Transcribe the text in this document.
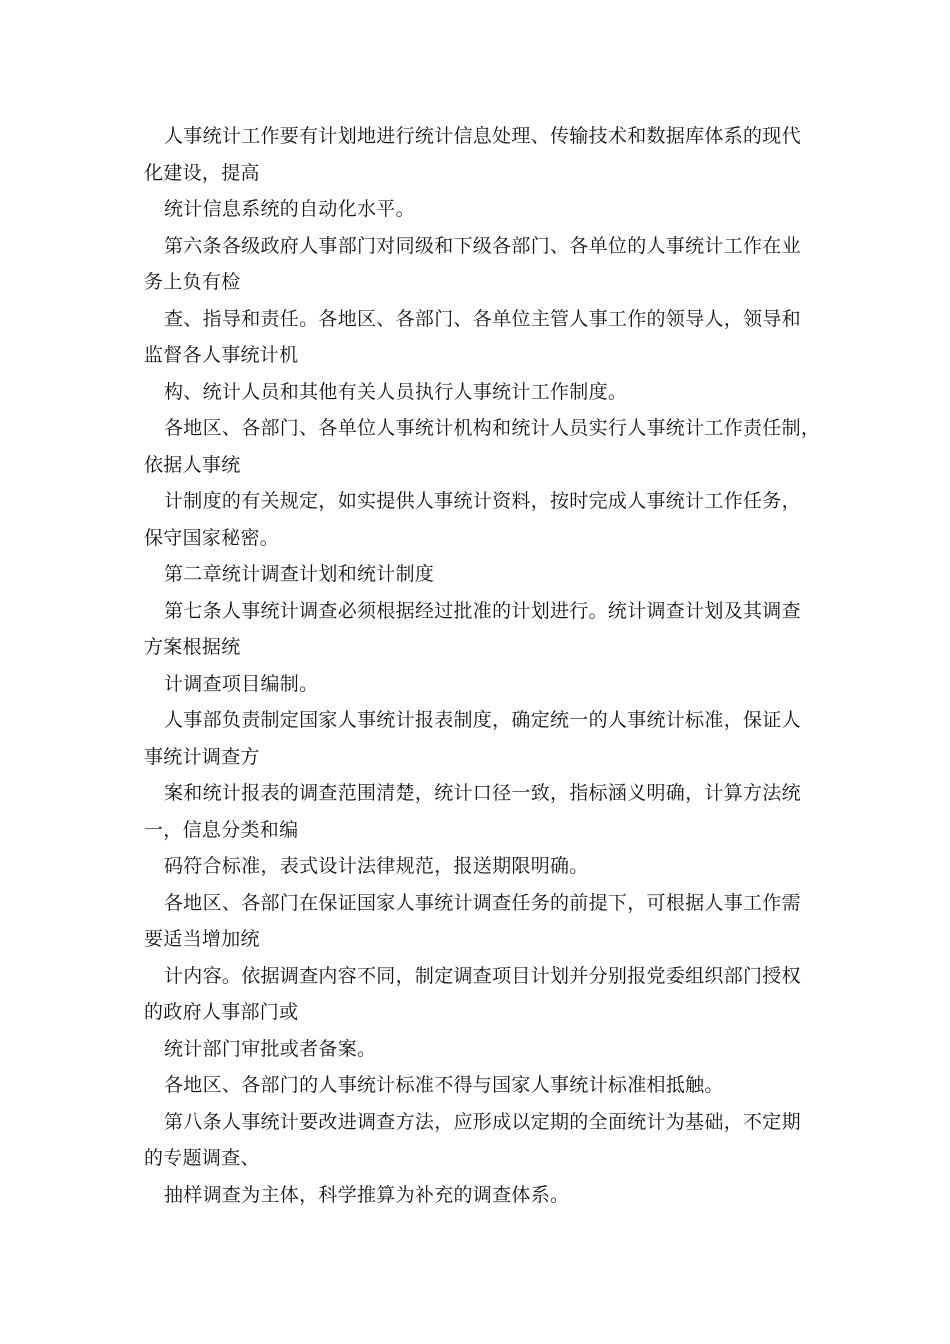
人事统计工作要有计划地进行统计信息处理、传输技术和数据库体系的现代
化建设，提高
统计信息系统的自动化水平。
第六条各级政府人事部门对同级和下级各部门、各单位的人事统计工作在业
务上负有检
查、指导和责任。各地区、各部门、各单位主管人事工作的领导人，领导和
监督各人事统计机
构、统计人员和其他有关人员执行人事统计工作制度。
各地区、各部门、各单位人事统计机构和统计人员实行人事统计工作责任制，
依据人事统
计制度的有关规定，如实提供人事统计资料，按时完成人事统计工作任务，
保守国家秘密。
第二章统计调查计划和统计制度
第七条人事统计调查必须根据经过批准的计划进行。统计调查计划及其调查
方案根据统
计调查项目编制。
人事部负责制定国家人事统计报表制度，确定统一的人事统计标准，保证人
事统计调查方
案和统计报表的调查范围清楚，统计口径一致，指标涵义明确，计算方法统
一，信息分类和编
码符合标准，表式设计法律规范，报送期限明确。
各地区、各部门在保证国家人事统计调查任务的前提下，可根据人事工作需
要适当增加统
计内容。依据调查内容不同，制定调查项目计划并分别报党委组织部门授权
的政府人事部门或
统计部门审批或者备案。
各地区、各部门的人事统计标准不得与国家人事统计标准相抵触。
第八条人事统计要改进调查方法，应形成以定期的全面统计为基础，不定期
的专题调查、
抽样调查为主体，科学推算为补充的调查体系。
